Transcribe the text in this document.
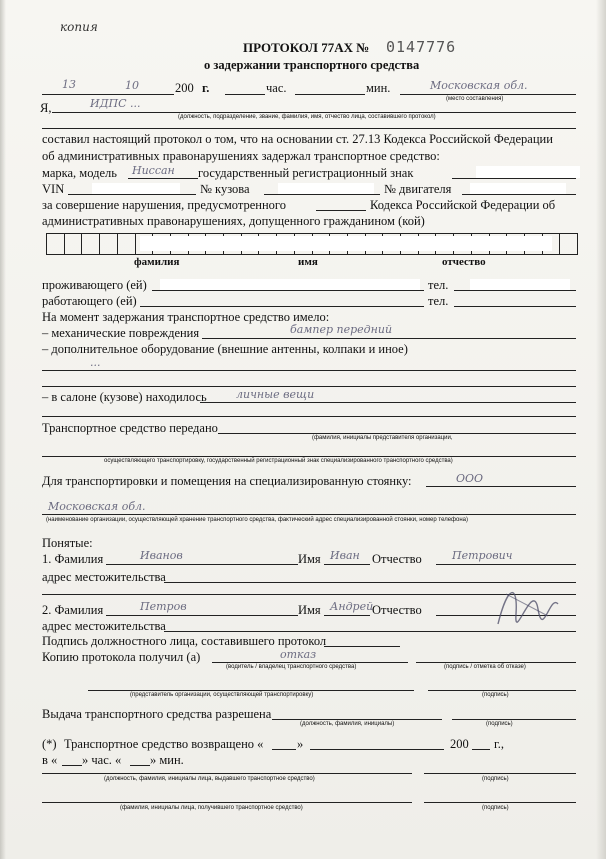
копия
ПРОТОКОЛ 77АХ № 0147776
о задержании транспортного средства
13	10	200 г.	час.	мин.	Московская обл.
(место составления)
Я,	ИДПС ...
(должность, подразделение, звание, фамилия, имя, отчество лица, составившего протокол)
составил настоящий протокол о том, что на основании ст. 27.13 Кодекса Российской Федерации
об административных правонарушениях задержал транспортное средство:
марка, модель Ниссан государственный регистрационный знак
VIN	№ кузова	№ двигателя
за совершение нарушения, предусмотренного	Кодекса Российской Федерации об
административных правонарушениях, допущенного гражданином (кой)
фамилия	имя	отчество
проживающего (ей)	тел.
работающего (ей)	тел.
На момент задержания транспортное средство имело:
– механические повреждения	бампер передний
– дополнительное оборудование (внешние антенны, колпаки и иное)
...
– в салоне (кузове) находилось	личные вещи
Транспортное средство передано
(фамилия, инициалы представителя организации,
осуществляющего транспортировку, государственный регистрационный знак специализированного транспортного средства)
Для транспортировки и помещения на специализированную стоянку:	ООО
Московская обл.
(наименование организации, осуществляющей хранение транспортного средства, фактический адрес специализированной стоянки, номер телефона)
Понятые:
1. Фамилия	Иванов	Имя Иван Отчество	Петрович
адрес местожительства
2. Фамилия	Петров	Имя Андрей
Отчество
адрес местожительства
Подпись должностного лица, составившего протокол
Копию протокола получил (а)	отказ
(водитель / владелец транспортного средства)	(подпись / отметка об отказе)
(представитель организации, осуществляющей транспортировку)	(подпись)
Выдача транспортного средства разрешена
(должность, фамилия, инициалы)	(подпись)
(*) Транспортное средство возвращено «	»	200 г.,
в « » час. « » мин.
(должность, фамилия, инициалы лица, выдавшего транспортное средство)	(подпись)
(фамилия, инициалы лица, получившего транспортное средство)	(подпись)
